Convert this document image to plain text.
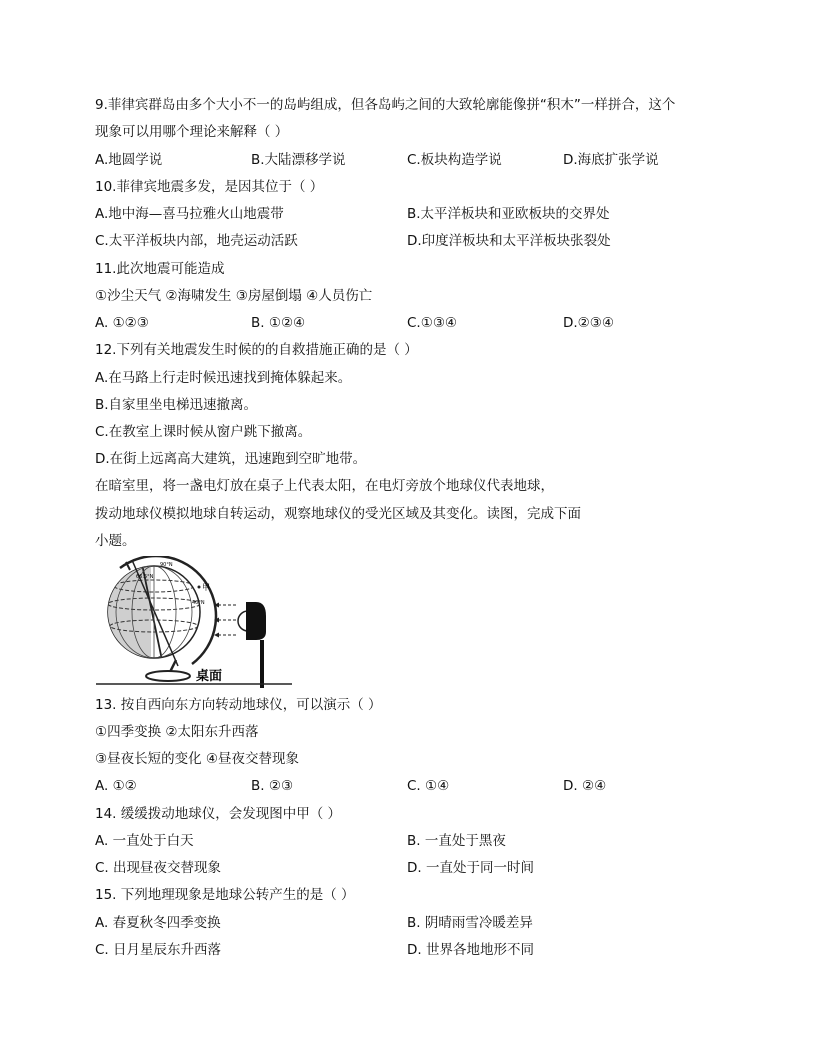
9.菲律宾群岛由多个大小不一的岛屿组成，但各岛屿之间的大致轮廓能像拼“积木”一样拼合，这个
现象可以用哪个理论来解释（ ）
A.地圆学说	B.大陆漂移学说	C.板块构造学说	D.海底扩张学说
10.菲律宾地震多发，是因其位于（ ）
A.地中海—喜马拉雅火山地震带	B.太平洋板块和亚欧板块的交界处
C.太平洋板块内部，地壳运动活跃	D.印度洋板块和太平洋板块张裂处
11.此次地震可能造成
①沙尘天气 ②海啸发生 ③房屋倒塌 ④人员伤亡
A. ①②③	B. ①②④	C.①③④	D.②③④
12.下列有关地震发生时候的的自救措施正确的是（ ）
A.在马路上行走时候迅速找到掩体躲起来。
B.自家里坐电梯迅速撤离。
C.在教室上课时候从窗户跳下撤离。
D.在街上远离高大建筑，迅速跑到空旷地带。
在暗室里，将一盏电灯放在桌子上代表太阳，在电灯旁放个地球仪代表地球，
拨动地球仪模拟地球自转运动，观察地球仪的受光区域及其变化。读图，完成下面
小题。
90°N
66.5°N
40°N
甲
桌面
13. 按自西向东方向转动地球仪，可以演示（ ）
①四季变换 ②太阳东升西落
③昼夜长短的变化 ④昼夜交替现象
A. ①②	B. ②③	C. ①④	D. ②④
14. 缓缓拨动地球仪，会发现图中甲（ ）
A. 一直处于白天	B. 一直处于黑夜
C. 出现昼夜交替现象	D. 一直处于同一时间
15. 下列地理现象是地球公转产生的是（ ）
A. 春夏秋冬四季变换	B. 阴晴雨雪冷暖差异
C. 日月星辰东升西落	D. 世界各地地形不同
